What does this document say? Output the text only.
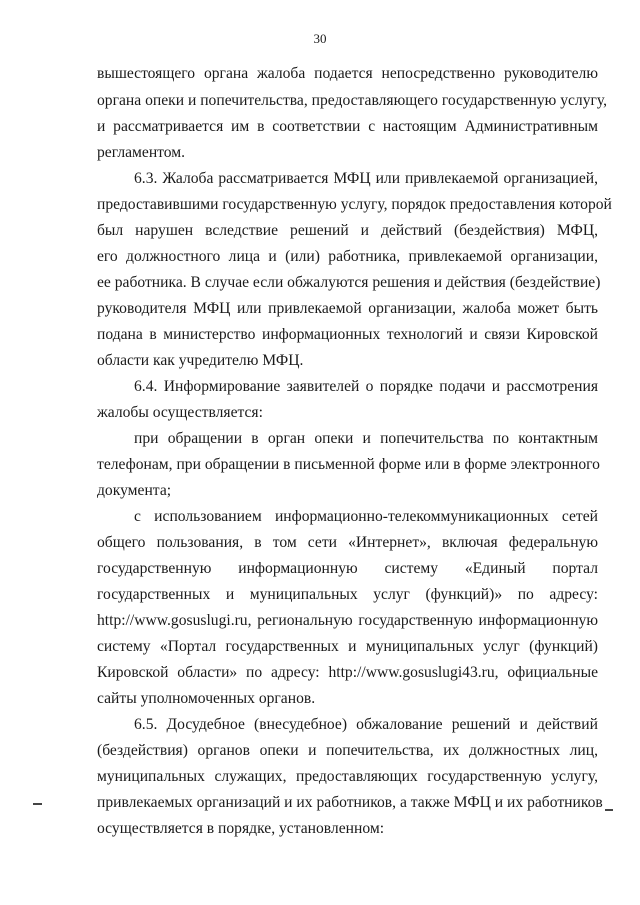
30
вышестоящего органа жалоба подается непосредственно руководителю
органа опеки и попечительства, предоставляющего государственную услугу,
и рассматривается им в соответствии с настоящим Административным
регламентом.
6.3. Жалоба рассматривается МФЦ или привлекаемой организацией,
предоставившими государственную услугу, порядок предоставления которой
был нарушен вследствие решений и действий (бездействия) МФЦ,
его должностного лица и (или) работника, привлекаемой организации,
ее работника. В случае если обжалуются решения и действия (бездействие)
руководителя МФЦ или привлекаемой организации, жалоба может быть
подана в министерство информационных технологий и связи Кировской
области как учредителю МФЦ.
6.4. Информирование заявителей о порядке подачи и рассмотрения
жалобы осуществляется:
при обращении в орган опеки и попечительства по контактным
телефонам, при обращении в письменной форме или в форме электронного
документа;
с использованием информационно-телекоммуникационных сетей
общего пользования, в том сети «Интернет», включая федеральную
государственную информационную систему «Единый портал
государственных и муниципальных услуг (функций)» по адресу:
http://www.gosuslugi.ru, региональную государственную информационную
систему «Портал государственных и муниципальных услуг (функций)
Кировской области» по адресу: http://www.gosuslugi43.ru, официальные
сайты уполномоченных органов.
6.5. Досудебное (внесудебное) обжалование решений и действий
(бездействия) органов опеки и попечительства, их должностных лиц,
муниципальных служащих, предоставляющих государственную услугу,
привлекаемых организаций и их работников, а также МФЦ и их работников
осуществляется в порядке, установленном:
